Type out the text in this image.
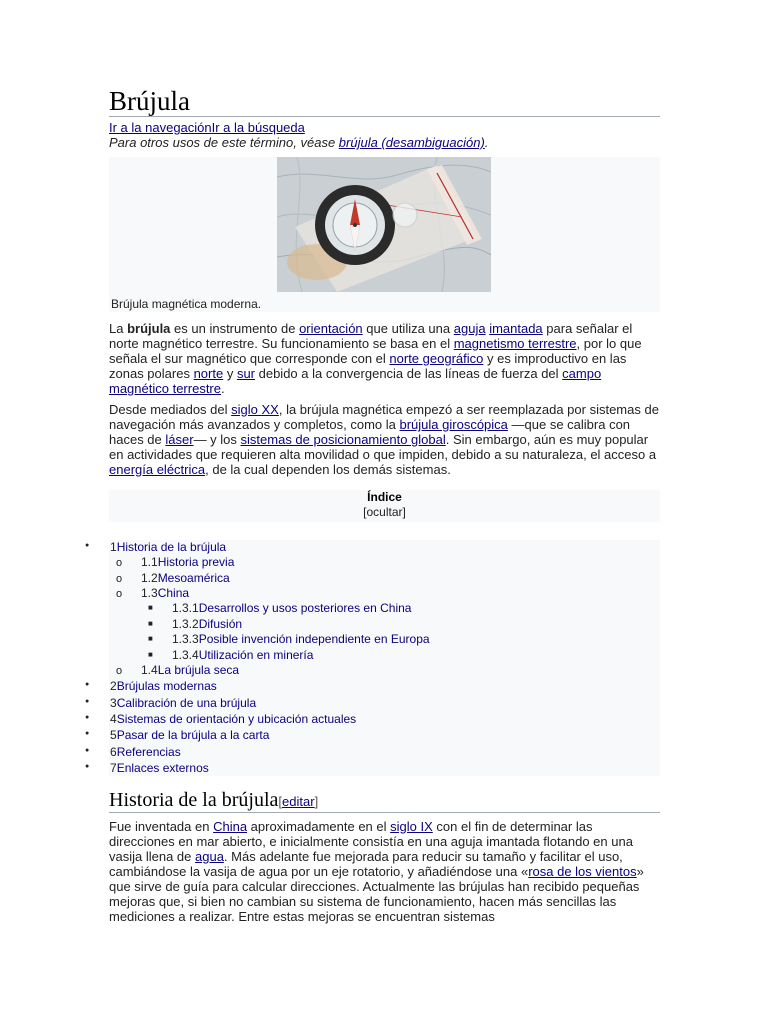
Brújula
Ir a la navegaciónIr a la búsqueda
Para otros usos de este término, véase brújula (desambiguación).
Brújula magnética moderna.

La brújula es un instrumento de orientación que utiliza una aguja imantada para señalar el norte magnético terrestre. Su funcionamiento se basa en el magnetismo terrestre, por lo que señala el sur magnético que corresponde con el norte geográfico y es improductivo en las zonas polares norte y sur debido a la convergencia de las líneas de fuerza del campo magnético terrestre.

Desde mediados del siglo XX, la brújula magnética empezó a ser reemplazada por sistemas de navegación más avanzados y completos, como la brújula giroscópica —que se calibra con haces de láser— y los sistemas de posicionamiento global. Sin embargo, aún es muy popular en actividades que requieren alta movilidad o que impiden, debido a su naturaleza, el acceso a energía eléctrica, de la cual dependen los demás sistemas.

Índice
[ocultar]
● 1Historia de la brújula
o 1.1Historia previa
o 1.2Mesoamérica
o 1.3China
■ 1.3.1Desarrollos y usos posteriores en China
■ 1.3.2Difusión
■ 1.3.3Posible invención independiente en Europa
■ 1.3.4Utilización en minería
o 1.4La brújula seca
● 2Brújulas modernas
● 3Calibración de una brújula
● 4Sistemas de orientación y ubicación actuales
● 5Pasar de la brújula a la carta
● 6Referencias
● 7Enlaces externos
Historia de la brújula[editar]

Fue inventada en China aproximadamente en el siglo IX con el fin de determinar las direcciones en mar abierto, e inicialmente consistía en una aguja imantada flotando en una vasija llena de agua. Más adelante fue mejorada para reducir su tamaño y facilitar el uso, cambiándose la vasija de agua por un eje rotatorio, y añadiéndose una «rosa de los vientos» que sirve de guía para calcular direcciones. Actualmente las brújulas han recibido pequeñas mejoras que, si bien no cambian su sistema de funcionamiento, hacen más sencillas las mediciones a realizar. Entre estas mejoras se encuentran sistemas
